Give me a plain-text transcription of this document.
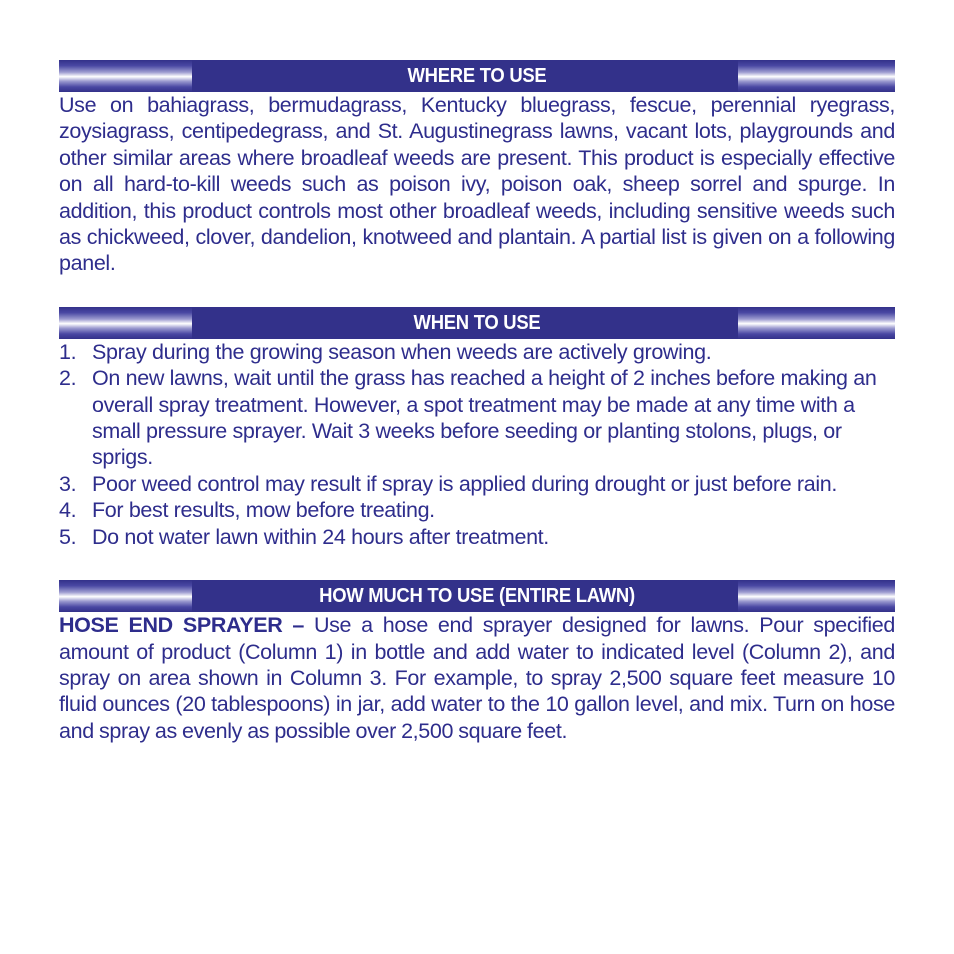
WHERE TO USE

Use on bahiagrass, bermudagrass, Kentucky bluegrass, fescue, perennial ryegrass, zoysiagrass, centipedegrass, and St. Augustinegrass lawns, vacant lots, playgrounds and other similar areas where broadleaf weeds are present. This product is especially effective on all hard-to-kill weeds such as poison ivy, poison oak, sheep sorrel and spurge. In addition, this product controls most other broadleaf weeds, including sensitive weeds such as chickweed, clover, dandelion, knotweed and plantain. A partial list is given on a following panel.

WHEN TO USE
1. Spray during the growing season when weeds are actively growing.
2. On new lawns, wait until the grass has reached a height of 2 inches before making an overall spray treatment. However, a spot treatment may be made at any time with a small pressure sprayer. Wait 3 weeks before seeding or planting stolons, plugs, or sprigs.
3. Poor weed control may result if spray is applied during drought or just before rain.
4. For best results, mow before treating.
5. Do not water lawn within 24 hours after treatment.
HOW MUCH TO USE (ENTIRE LAWN)

HOSE END SPRAYER – Use a hose end sprayer designed for lawns. Pour specified amount of product (Column 1) in bottle and add water to indicated level (Column 2), and spray on area shown in Column 3. For example, to spray 2,500 square feet measure 10 fluid ounces (20 tablespoons) in jar, add water to the 10 gallon level, and mix. Turn on hose and spray as evenly as possible over 2,500 square feet.
